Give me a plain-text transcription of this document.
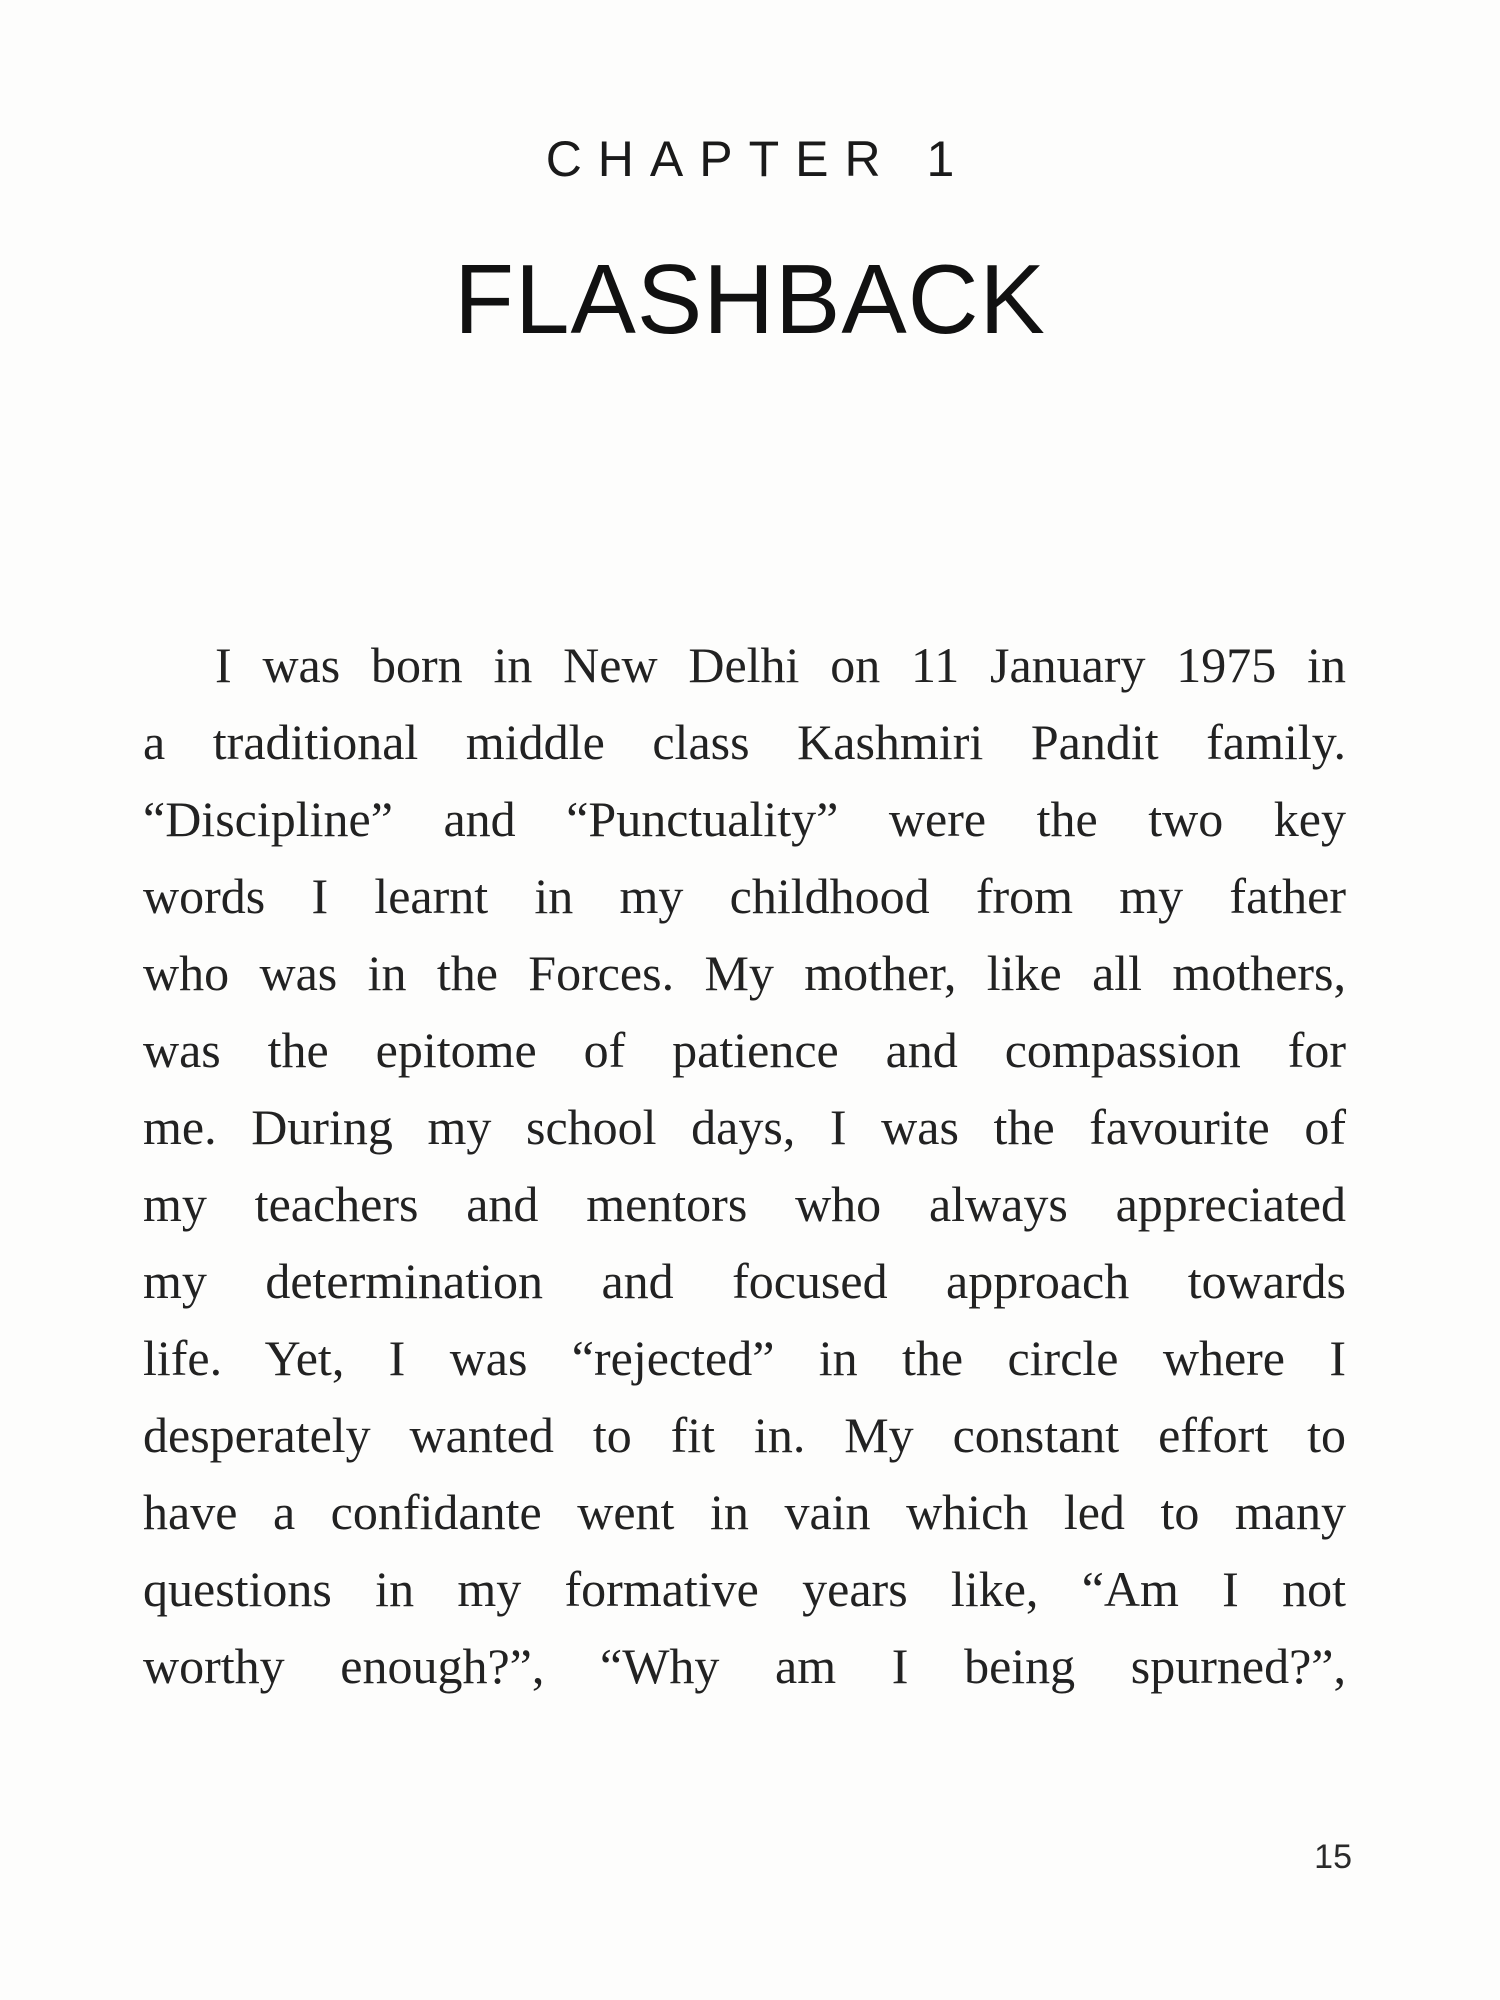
CHAPTER 1
FLASHBACK
I was born in New Delhi on 11 January 1975 in
a traditional middle class Kashmiri Pandit family.
“Discipline” and “Punctuality” were the two key
words I learnt in my childhood from my father
who was in the Forces. My mother, like all mothers,
was the epitome of patience and compassion for
me. During my school days, I was the favourite of
my teachers and mentors who always appreciated
my determination and focused approach towards
life. Yet, I was “rejected” in the circle where I
desperately wanted to fit in. My constant effort to
have a confidante went in vain which led to many
questions in my formative years like, “Am I not
worthy enough?”, “Why am I being spurned?”,
15
